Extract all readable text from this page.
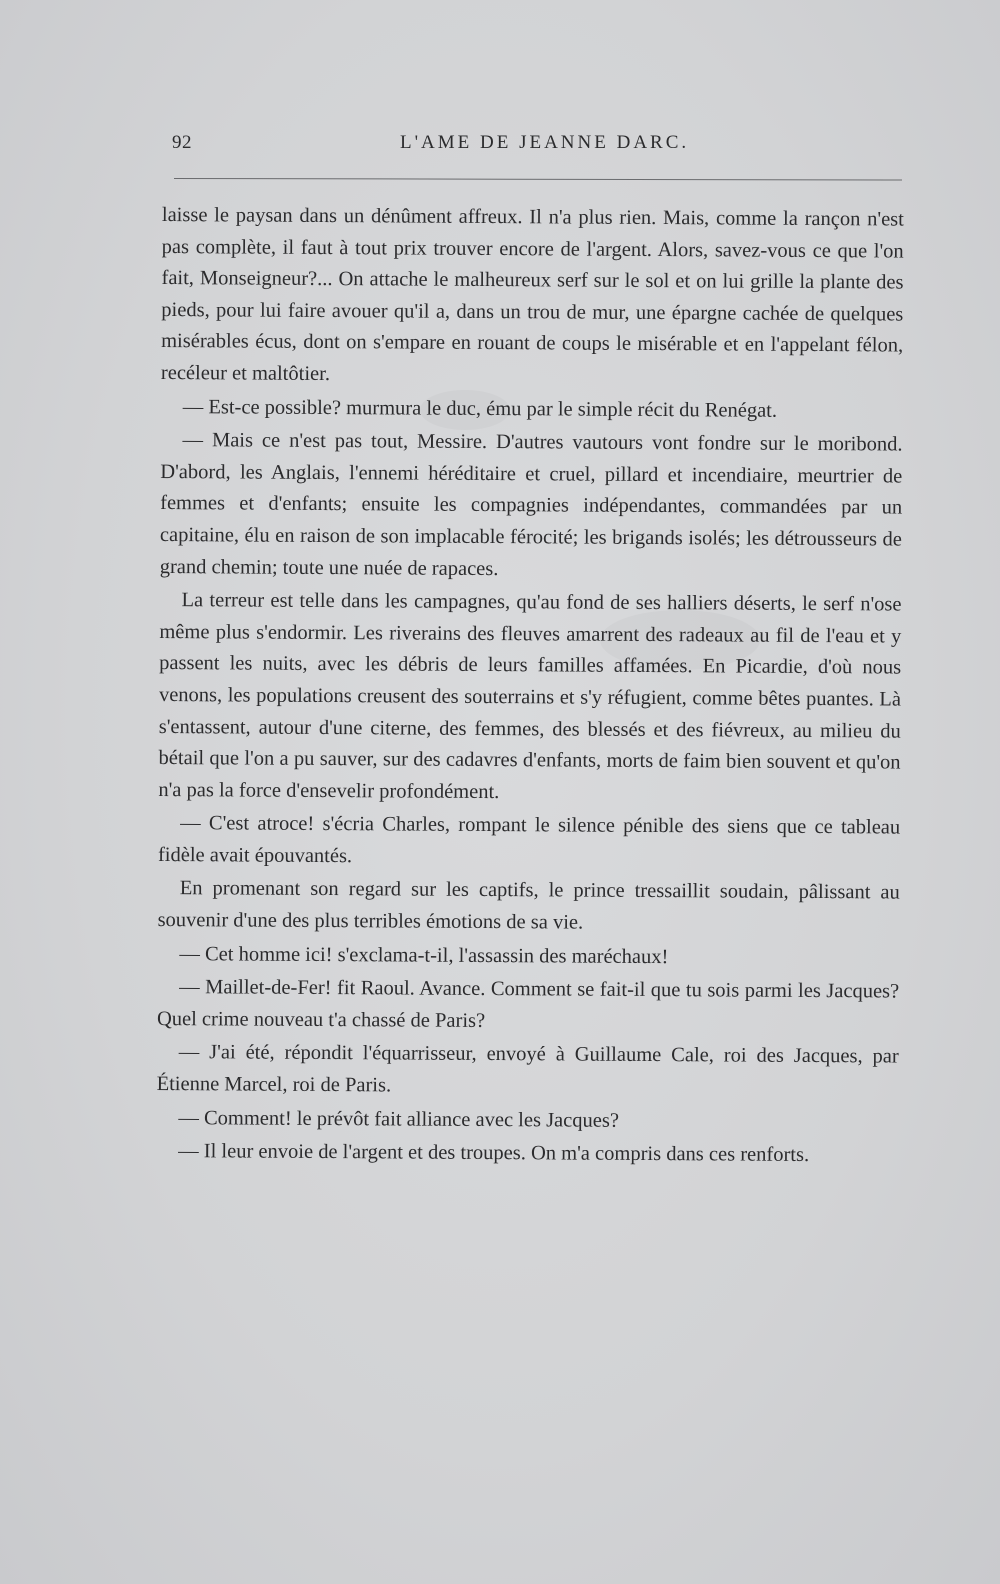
92	L'AME DE JEANNE DARC.

laisse le paysan dans un dénûment affreux. Il n'a plus rien. Mais, comme la rançon n'est pas complète, il faut à tout prix trouver encore de l'argent. Alors, savez-vous ce que l'on fait, Monseigneur?... On attache le malheureux serf sur le sol et on lui grille la plante des pieds, pour lui faire avouer qu'il a, dans un trou de mur, une épargne cachée de quelques misérables écus, dont on s'empare en rouant de coups le misérable et en l'appelant félon, recéleur et maltôtier.

— Est-ce possible? murmura le duc, ému par le simple récit du Renégat.

— Mais ce n'est pas tout, Messire. D'autres vautours vont fondre sur le moribond. D'abord, les Anglais, l'ennemi héréditaire et cruel, pillard et incendiaire, meurtrier de femmes et d'enfants; ensuite les compagnies indépendantes, commandées par un capitaine, élu en raison de son implacable férocité; les brigands isolés; les détrousseurs de grand chemin; toute une nuée de rapaces.

La terreur est telle dans les campagnes, qu'au fond de ses halliers déserts, le serf n'ose même plus s'endormir. Les riverains des fleuves amarrent des radeaux au fil de l'eau et y passent les nuits, avec les débris de leurs familles affamées. En Picardie, d'où nous venons, les populations creusent des souterrains et s'y réfugient, comme bêtes puantes. Là s'entassent, autour d'une citerne, des femmes, des blessés et des fiévreux, au milieu du bétail que l'on a pu sauver, sur des cadavres d'enfants, morts de faim bien souvent et qu'on n'a pas la force d'ensevelir profondément.

— C'est atroce! s'écria Charles, rompant le silence pénible des siens que ce tableau fidèle avait épouvantés.

En promenant son regard sur les captifs, le prince tressaillit soudain, pâlissant au souvenir d'une des plus terribles émotions de sa vie.

— Cet homme ici! s'exclama-t-il, l'assassin des maréchaux!

— Maillet-de-Fer! fit Raoul. Avance. Comment se fait-il que tu sois parmi les Jacques? Quel crime nouveau t'a chassé de Paris?

— J'ai été, répondit l'équarrisseur, envoyé à Guillaume Cale, roi des Jacques, par Étienne Marcel, roi de Paris.

— Comment! le prévôt fait alliance avec les Jacques?

— Il leur envoie de l'argent et des troupes. On m'a compris dans ces renforts.
